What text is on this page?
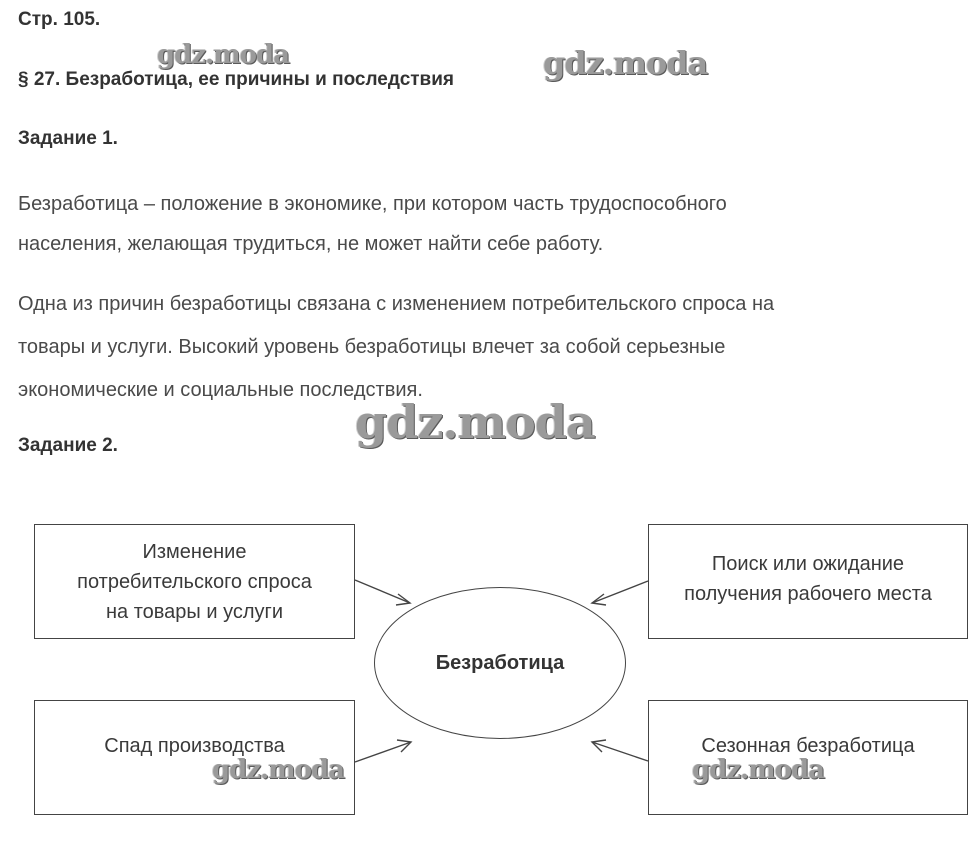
Стр. 105.
§ 27. Безработица, ее причины и последствия
Задание 1.
Безработица – положение в экономике, при котором часть трудоспособного
населения, желающая трудиться, не может найти себе работу.
Одна из причин безработицы связана с изменением потребительского спроса на
товары и услуги. Высокий уровень безработицы влечет за собой серьезные
экономические и социальные последствия.
Задание 2.
Изменение
потребительского спроса
на товары и услуги
Поиск или ожидание
получения рабочего места
Спад производства	Сезонная безработица
Безработица
gdz.moda	gdz.moda
gdz.moda
gdz.moda	gdz.moda
